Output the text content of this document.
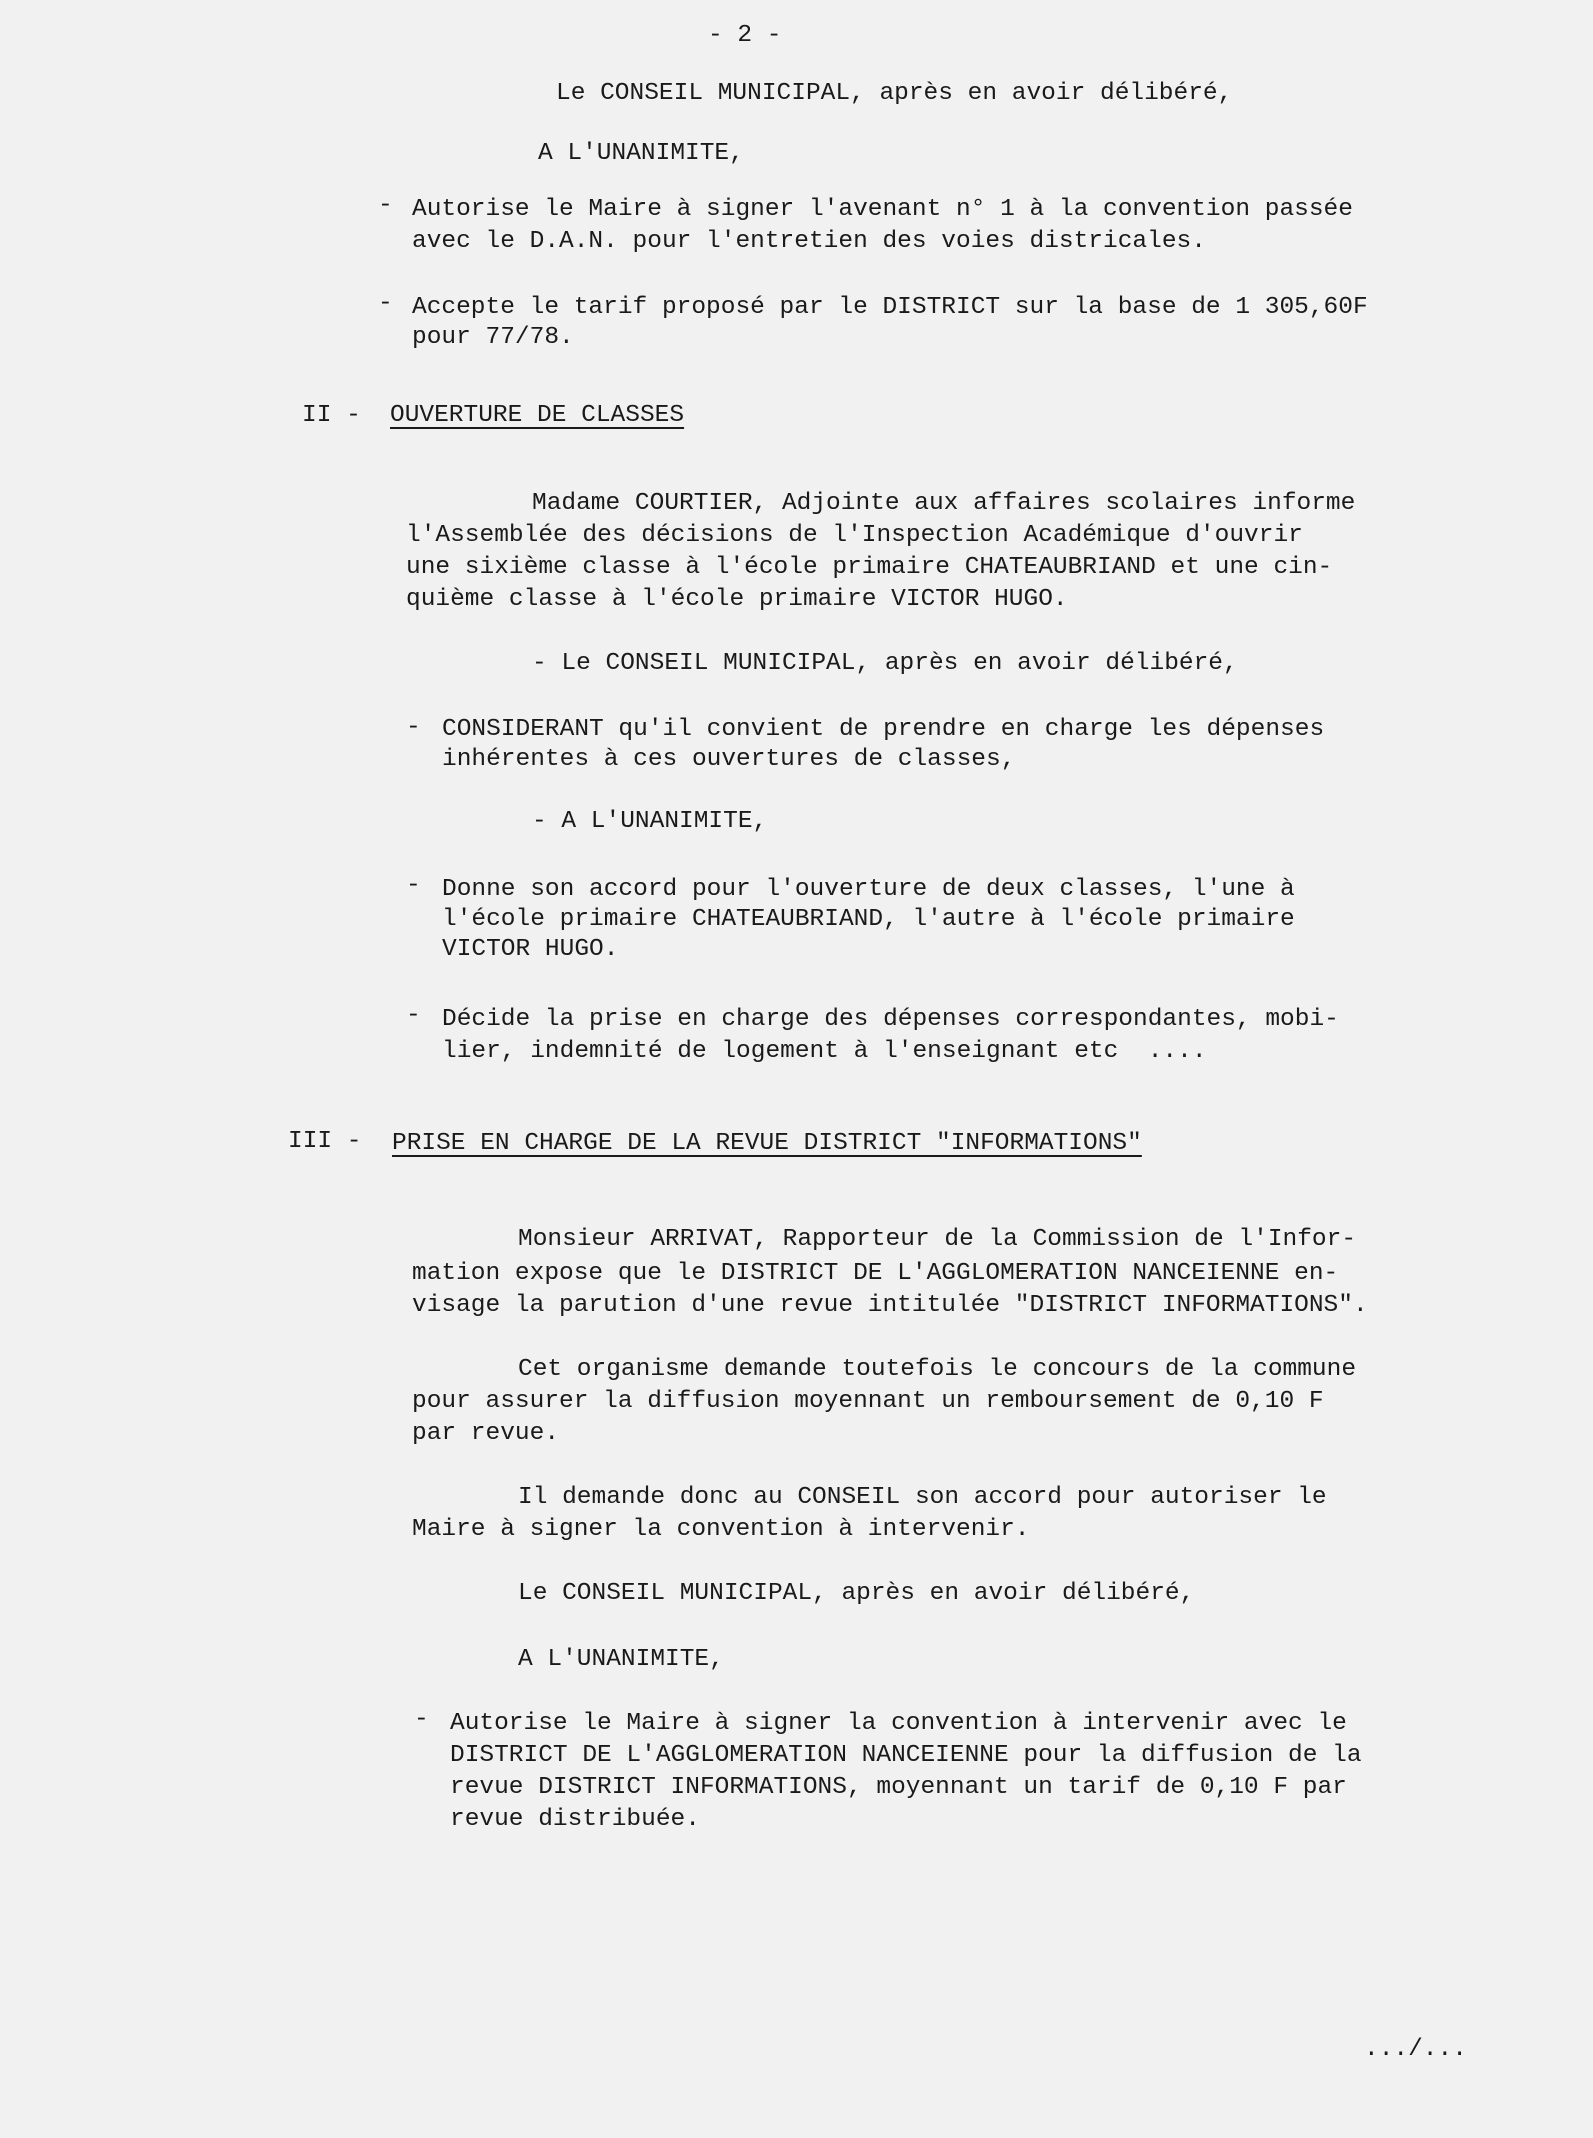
- 2 -
Le CONSEIL MUNICIPAL, après en avoir délibéré,
A L'UNANIMITE,
- Autorise le Maire à signer l'avenant n° 1 à la convention passée
avec le D.A.N. pour l'entretien des voies districales.
- Accepte le tarif proposé par le DISTRICT sur la base de 1 305,60F
pour 77/78.
II - OUVERTURE DE CLASSES
Madame COURTIER, Adjointe aux affaires scolaires informe
l'Assemblée des décisions de l'Inspection Académique d'ouvrir
une sixième classe à l'école primaire CHATEAUBRIAND et une cin-
quième classe à l'école primaire VICTOR HUGO.
- Le CONSEIL MUNICIPAL, après en avoir délibéré,
- CONSIDERANT qu'il convient de prendre en charge les dépenses
inhérentes à ces ouvertures de classes,
- A L'UNANIMITE,
- Donne son accord pour l'ouverture de deux classes, l'une à
l'école primaire CHATEAUBRIAND, l'autre à l'école primaire
VICTOR HUGO.
- Décide la prise en charge des dépenses correspondantes, mobi-
lier, indemnité de logement à l'enseignant etc  ....
III - PRISE EN CHARGE DE LA REVUE DISTRICT "INFORMATIONS"
Monsieur ARRIVAT, Rapporteur de la Commission de l'Infor-
mation expose que le DISTRICT DE L'AGGLOMERATION NANCEIENNE en-
visage la parution d'une revue intitulée "DISTRICT INFORMATIONS".
Cet organisme demande toutefois le concours de la commune
pour assurer la diffusion moyennant un remboursement de 0,10 F
par revue.
Il demande donc au CONSEIL son accord pour autoriser le
Maire à signer la convention à intervenir.
Le CONSEIL MUNICIPAL, après en avoir délibéré,
A L'UNANIMITE,
- Autorise le Maire à signer la convention à intervenir avec le
DISTRICT DE L'AGGLOMERATION NANCEIENNE pour la diffusion de la
revue DISTRICT INFORMATIONS, moyennant un tarif de 0,10 F par
revue distribuée.
.../...
